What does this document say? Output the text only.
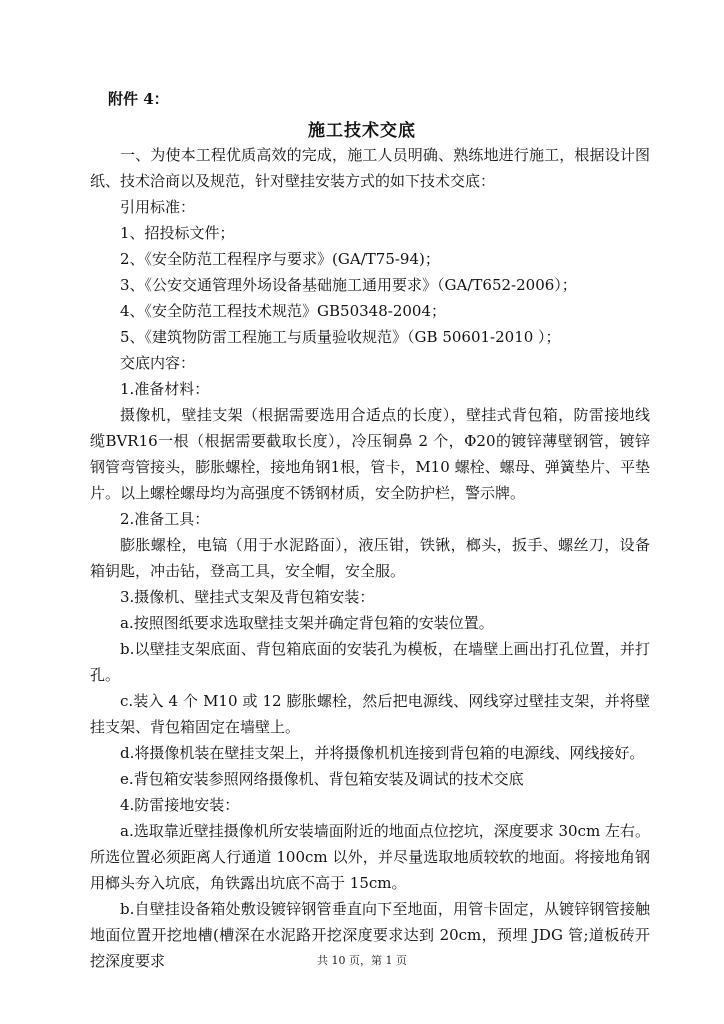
附件 4：
施工技术交底

一、为使本工程优质高效的完成，施工人员明确、熟练地进行施工，根据设计图纸、技术洽商以及规范，针对壁挂安装方式的如下技术交底：

引用标准：

1、招投标文件；

2、《安全防范工程程序与要求》(GA/T75-94)；

3、《公安交通管理外场设备基础施工通用要求》（GA/T652-2006）；

4、《安全防范工程技术规范》GB50348-2004；

5、《建筑物防雷工程施工与质量验收规范》（GB 50601-2010 ）；

交底内容：

1.准备材料：

摄像机，壁挂支架（根据需要选用合适点的长度），壁挂式背包箱，防雷接地线缆BVR16一根（根据需要截取长度），冷压铜鼻 2 个，Φ20的镀锌薄壁钢管，镀锌钢管弯管接头，膨胀螺栓，接地角钢1根，管卡，M10 螺栓、螺母、弹簧垫片、平垫片。以上螺栓螺母均为高强度不锈钢材质，安全防护栏，警示牌。

2.准备工具：

膨胀螺栓，电镐（用于水泥路面），液压钳，铁锹，榔头，扳手、螺丝刀，设备箱钥匙，冲击钻，登高工具，安全帽，安全服。

3.摄像机、壁挂式支架及背包箱安装：

a.按照图纸要求选取壁挂支架并确定背包箱的安装位置。

b.以壁挂支架底面、背包箱底面的安装孔为模板，在墙壁上画出打孔位置，并打孔。

c.装入 4 个 M10 或 12 膨胀螺栓，然后把电源线、网线穿过壁挂支架，并将壁挂支架、背包箱固定在墙壁上。

d.将摄像机装在壁挂支架上，并将摄像机机连接到背包箱的电源线、网线接好。

e.背包箱安装参照网络摄像机、背包箱安装及调试的技术交底

4.防雷接地安装：

a.选取靠近壁挂摄像机所安装墙面附近的地面点位挖坑，深度要求 30cm 左右。所选位置必须距离人行通道 100cm 以外，并尽量选取地质较软的地面。将接地角钢用榔头夯入坑底，角铁露出坑底不高于 15cm。

b.自壁挂设备箱处敷设镀锌钢管垂直向下至地面，用管卡固定，从镀锌钢管接触地面位置开挖地槽(槽深在水泥路开挖深度要求达到 20cm，预埋 JDG 管;道板砖开挖深度要求	共 10 页，第 1 页
